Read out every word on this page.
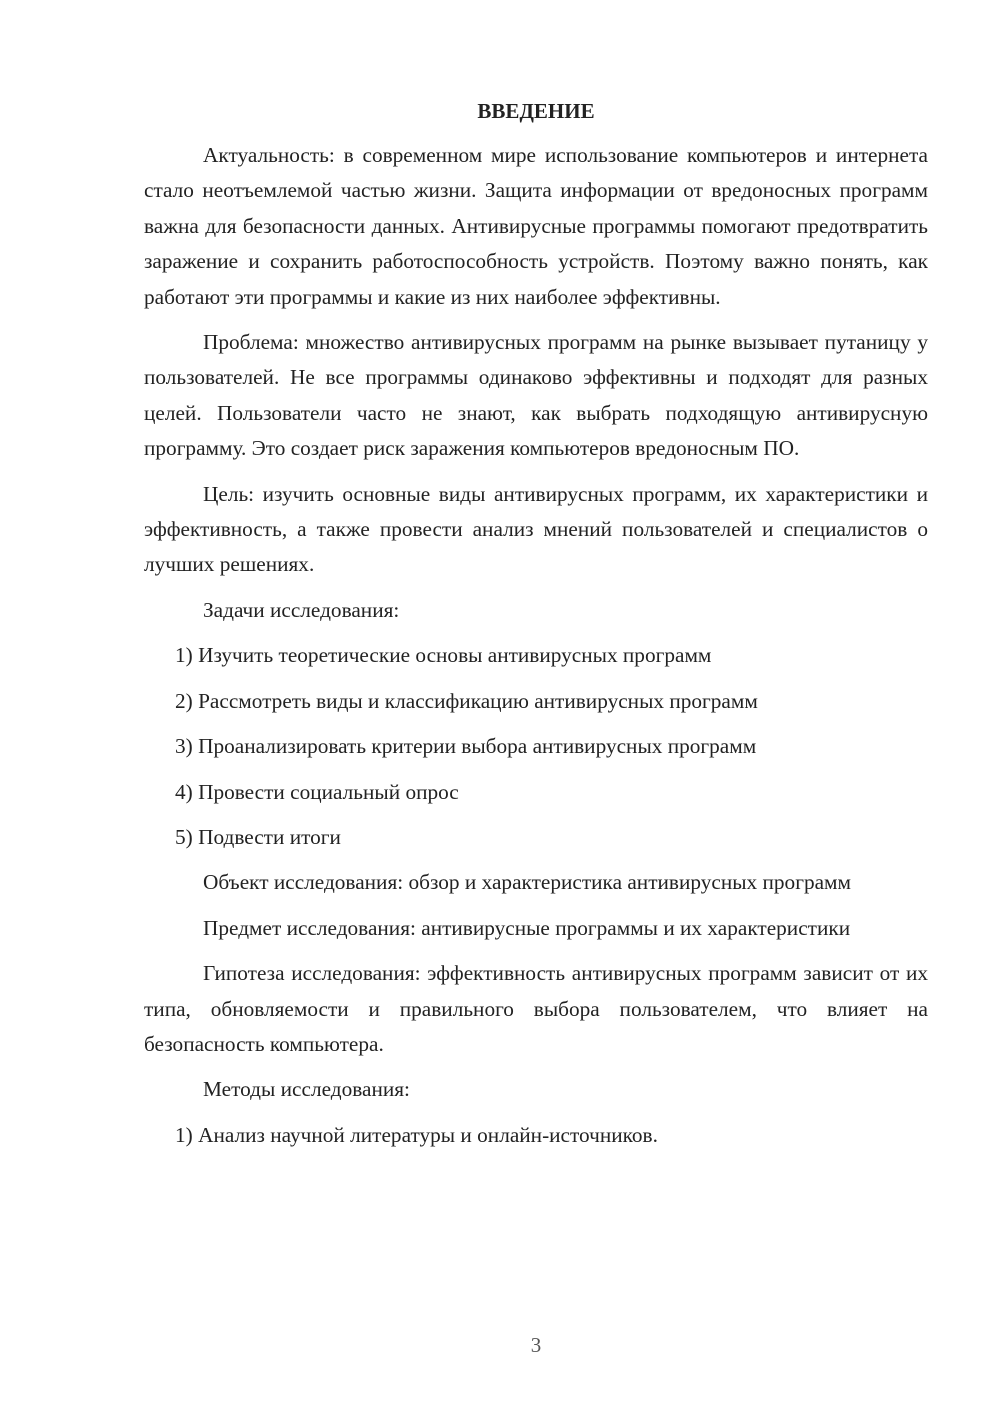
ВВЕДЕНИЕ

Актуальность: в современном мире использование компьютеров и интернета стало неотъемлемой частью жизни. Защита информации от вредоносных программ важна для безопасности данных. Антивирусные программы помогают предотвратить заражение и сохранить работоспособность устройств. Поэтому важно понять, как работают эти программы и какие из них наиболее эффективны.

Проблема: множество антивирусных программ на рынке вызывает путаницу у пользователей. Не все программы одинаково эффективны и подходят для разных целей. Пользователи часто не знают, как выбрать подходящую антивирусную программу. Это создает риск заражения компьютеров вредоносным ПО.

Цель: изучить основные виды антивирусных программ, их характеристики и эффективность, а также провести анализ мнений пользователей и специалистов о лучших решениях.

Задачи исследования:

1) Изучить теоретические основы антивирусных программ
2) Рассмотреть виды и классификацию антивирусных программ
3) Проанализировать критерии выбора антивирусных программ
4) Провести социальный опрос
5) Подвести итоги

Объект исследования: обзор и характеристика антивирусных программ

Предмет исследования: антивирусные программы и их характеристики

Гипотеза исследования: эффективность антивирусных программ зависит от их типа, обновляемости и правильного выбора пользователем, что влияет на безопасность компьютера.

Методы исследования:

1) Анализ научной литературы и онлайн-источников.
3
